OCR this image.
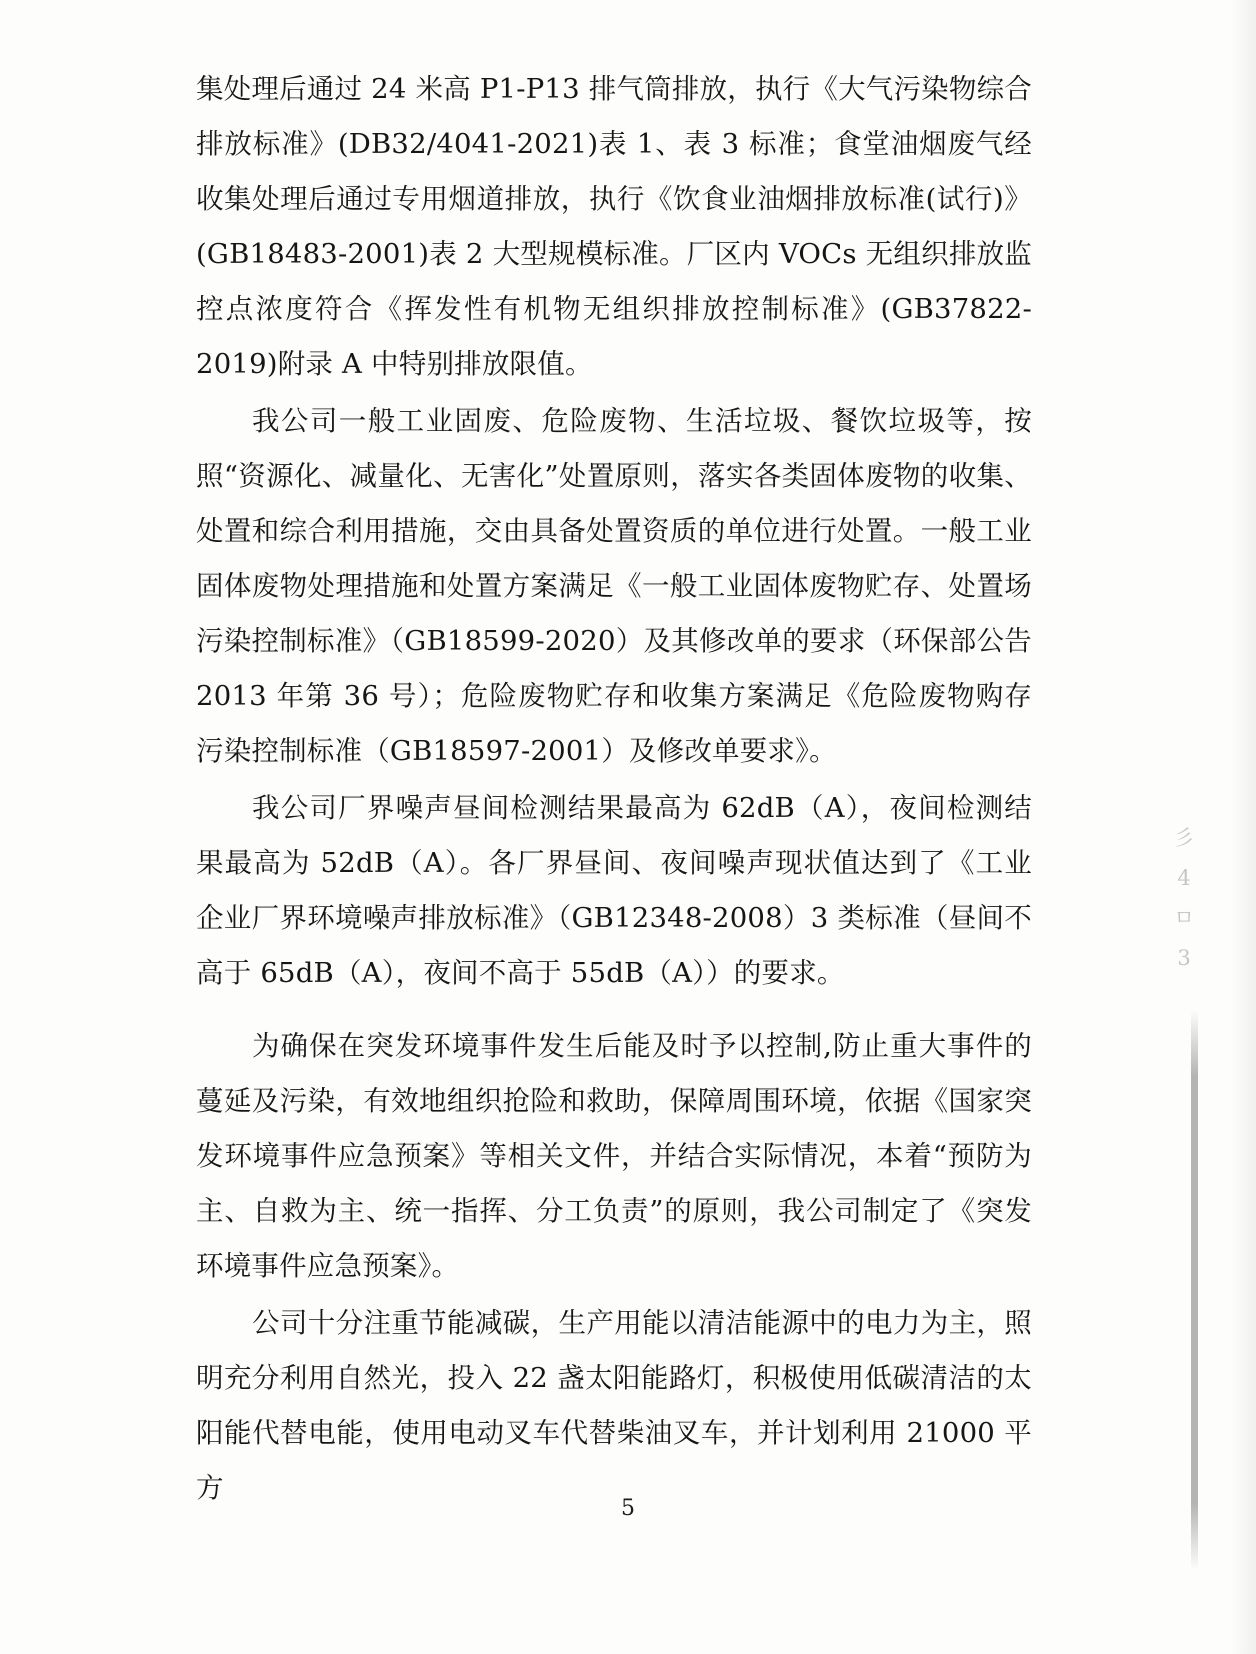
集处理后通过 24 米高 P1-P13 排气筒排放，执行《大气污染物综合排放标准》(DB32/4041-2021)表 1、表 3 标准；食堂油烟废气经收集处理后通过专用烟道排放，执行《饮食业油烟排放标准(试行)》(GB18483-2001)表 2 大型规模标准。厂区内 VOCs 无组织排放监控点浓度符合《挥发性有机物无组织排放控制标准》(GB37822-2019)附录 A 中特别排放限值。

我公司一般工业固废、危险废物、生活垃圾、餐饮垃圾等，按照“资源化、减量化、无害化”处置原则，落实各类固体废物的收集、处置和综合利用措施，交由具备处置资质的单位进行处置。一般工业固体废物处理措施和处置方案满足《一般工业固体废物贮存、处置场污染控制标准》（GB18599-2020）及其修改单的要求（环保部公告 2013 年第 36 号）；危险废物贮存和收集方案满足《危险废物购存污染控制标准（GB18597-2001）及修改单要求》。

我公司厂界噪声昼间检测结果最高为 62dB（A），夜间检测结果最高为 52dB（A）。各厂界昼间、夜间噪声现状值达到了《工业企业厂界环境噪声排放标准》（GB12348-2008）3 类标准（昼间不高于 65dB（A），夜间不高于 55dB（A））的要求。

为确保在突发环境事件发生后能及时予以控制,防止重大事件的蔓延及污染，有效地组织抢险和救助，保障周围环境，依据《国家突发环境事件应急预案》等相关文件，并结合实际情况，本着“预防为主、自救为主、统一指挥、分工负责”的原则，我公司制定了《突发环境事件应急预案》。

公司十分注重节能减碳，生产用能以清洁能源中的电力为主，照明充分利用自然光，投入 22 盏太阳能路灯，积极使用低碳清洁的太阳能代替电能，使用电动叉车代替柴油叉车，并计划利用 21000 平方

彡
4
ㅁ
3
5
